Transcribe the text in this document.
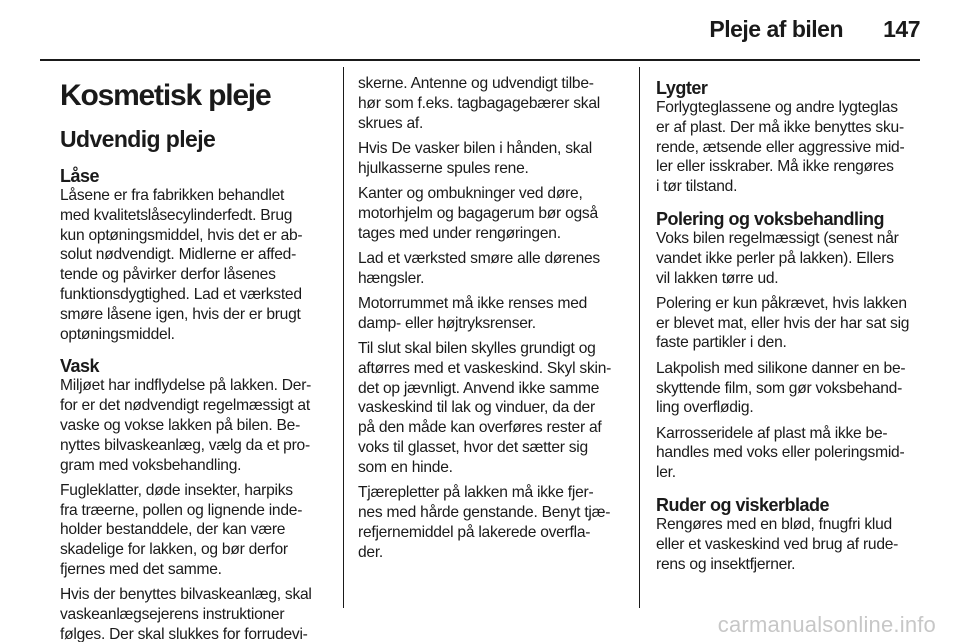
Pleje af bilen 147
Kosmetisk pleje
Udvendig pleje
Låse
Låsene er fra fabrikken behandlet
med kvalitetslåsecylinderfedt. Brug
kun optøningsmiddel, hvis det er ab-
solut nødvendigt. Midlerne er affed-
tende og påvirker derfor låsenes
funktionsdygtighed. Lad et værksted
smøre låsene igen, hvis der er brugt
optøningsmiddel.
Vask
Miljøet har indflydelse på lakken. Der-
for er det nødvendigt regelmæssigt at
vaske og vokse lakken på bilen. Be-
nyttes bilvaskeanlæg, vælg da et pro-
gram med voksbehandling.
Fugleklatter, døde insekter, harpiks
fra træerne, pollen og lignende inde-
holder bestanddele, der kan være
skadelige for lakken, og bør derfor
fjernes med det samme.
Hvis der benyttes bilvaskeanlæg, skal
vaskeanlægsejerens instruktioner
følges. Der skal slukkes for forrudevi-
skerne. Antenne og udvendigt tilbe-
hør som f.eks. tagbagagebærer skal
skrues af.
Hvis De vasker bilen i hånden, skal
hjulkasserne spules rene.
Kanter og ombukninger ved døre,
motorhjelm og bagagerum bør også
tages med under rengøringen.
Lad et værksted smøre alle dørenes
hængsler.
Motorrummet må ikke renses med
damp- eller højtryksrenser.
Til slut skal bilen skylles grundigt og
aftørres med et vaskeskind. Skyl skin-
det op jævnligt. Anvend ikke samme
vaskeskind til lak og vinduer, da der
på den måde kan overføres rester af
voks til glasset, hvor det sætter sig
som en hinde.
Tjærepletter på lakken må ikke fjer-
nes med hårde genstande. Benyt tjæ-
refjernemiddel på lakerede overfla-
der.
Lygter
Forlygteglassene og andre lygteglas
er af plast. Der må ikke benyttes sku-
rende, ætsende eller aggressive mid-
ler eller isskraber. Må ikke rengøres
i tør tilstand.
Polering og voksbehandling
Voks bilen regelmæssigt (senest når
vandet ikke perler på lakken). Ellers
vil lakken tørre ud.
Polering er kun påkrævet, hvis lakken
er blevet mat, eller hvis der har sat sig
faste partikler i den.
Lakpolish med silikone danner en be-
skyttende film, som gør voksbehand-
ling overflødig.
Karrosseridele af plast må ikke be-
handles med voks eller poleringsmid-
ler.
Ruder og viskerblade
Rengøres med en blød, fnugfri klud
eller et vaskeskind ved brug af rude-
rens og insektfjerner.
carmanualsonline.info
